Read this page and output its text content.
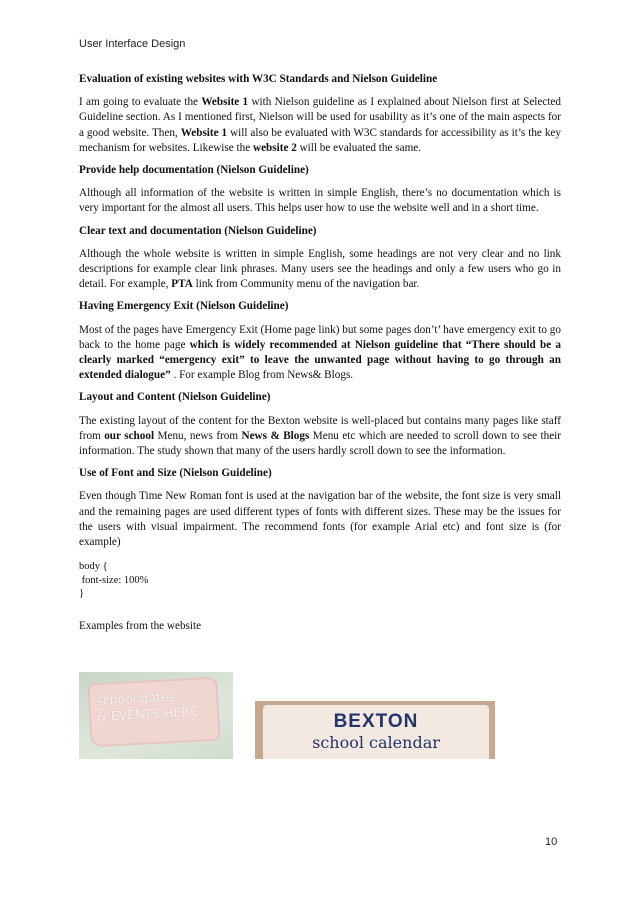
User Interface Design

Evaluation of existing websites with W3C Standards and Nielson Guideline

I am going to evaluate the Website 1 with Nielson guideline as I explained about Nielson first at Selected Guideline section. As I mentioned first, Nielson will be used for usability as it’s one of the main aspects for a good website. Then, Website 1 will also be evaluated with W3C standards for accessibility as it’s the key mechanism for websites. Likewise the website 2 will be evaluated the same.

Provide help documentation (Nielson Guideline)

Although all information of the website is written in simple English, there’s no documentation which is very important for the almost all users. This helps user how to use the website well and in a short time.

Clear text and documentation (Nielson Guideline)

Although the whole website is written in simple English, some headings are not very clear and no link descriptions for example clear link phrases. Many users see the headings and only a few users who go in detail. For example, PTA link from Community menu of the navigation bar.

Having Emergency Exit (Nielson Guideline)

Most of the pages have Emergency Exit (Home page link) but some pages don’t’ have emergency exit to go back to the home page which is widely recommended at Nielson guideline that “There should be a clearly marked “emergency exit” to leave the unwanted page without having to go through an extended dialogue” . For example Blog from News& Blogs.

Layout and Content (Nielson Guideline)

The existing layout of the content for the Bexton website is well-placed but contains many pages like staff from our school Menu, news from News & Blogs Menu etc which are needed to scroll down to see their information. The study shown that many of the users hardly scroll down to see the information.

Use of Font and Size (Nielson Guideline)

Even though Time New Roman font is used at the navigation bar of the website, the font size is very small and the remaining pages are used different types of fonts with different sizes. These may be the issues for the users with visual impairment. The recommend fonts (for example Arial etc) and font size is (for example)

body {
font-size: 100%
}

Examples from the website

school dates
& EVENTS HERE	BEXTON
school calendar
10
